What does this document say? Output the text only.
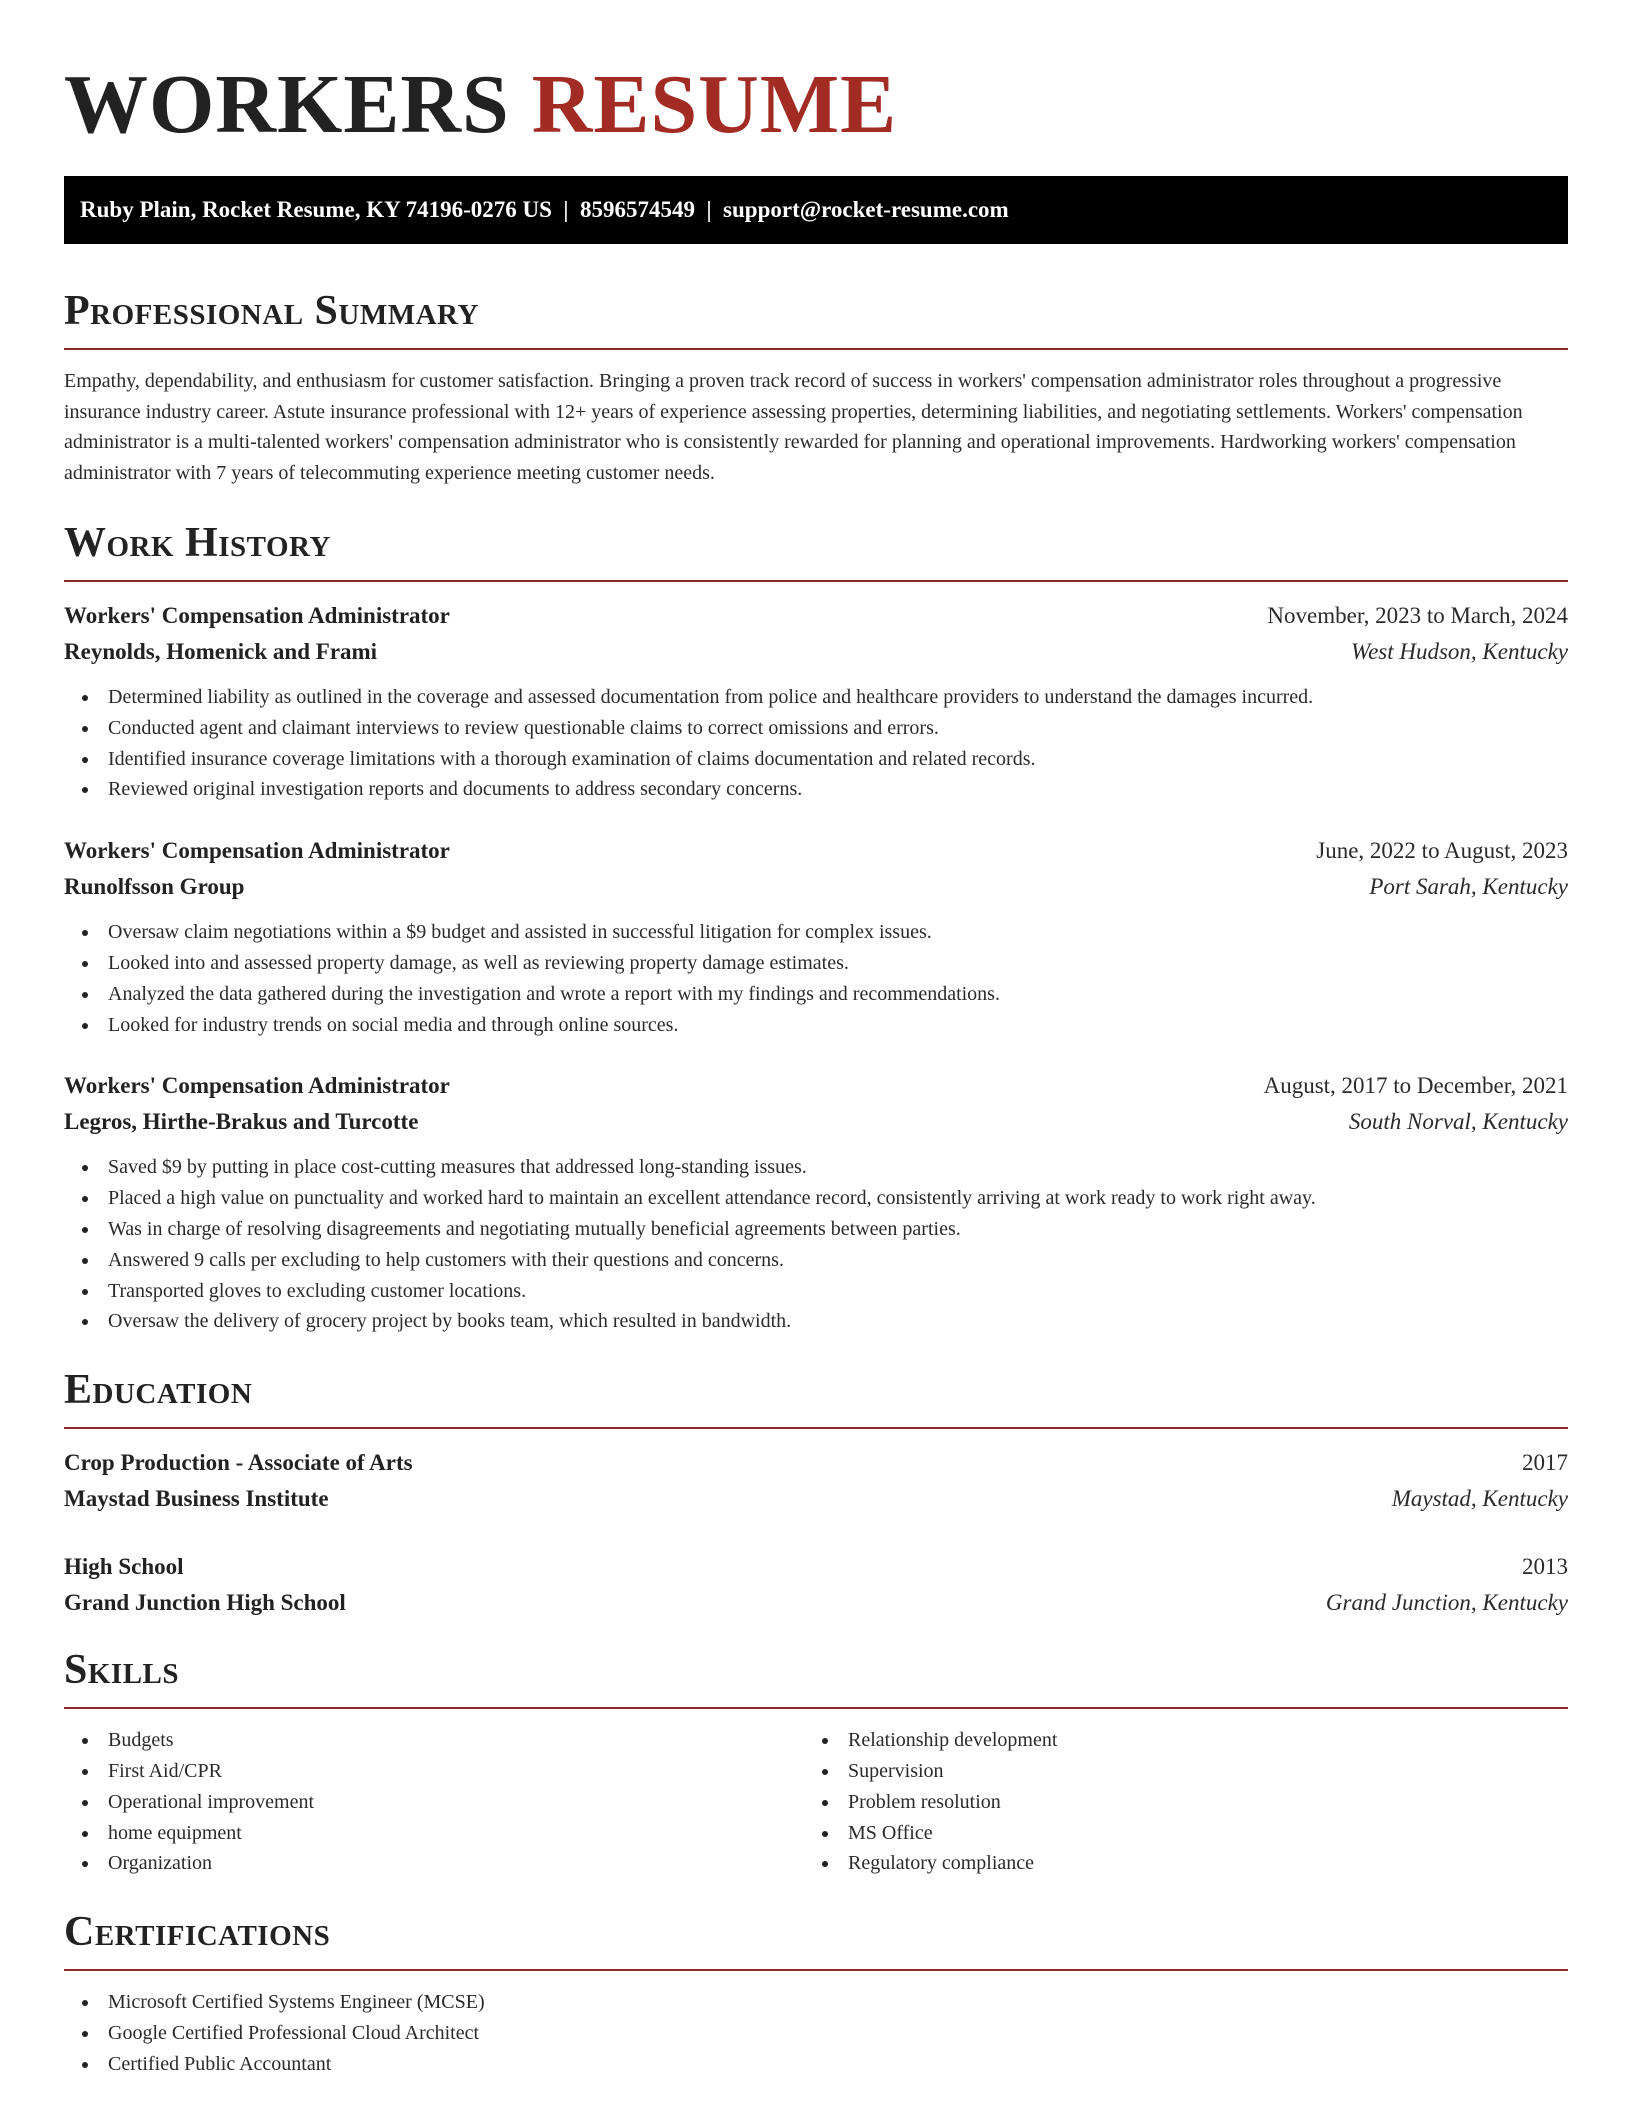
WORKERS RESUME
Ruby Plain, Rocket Resume, KY 74196-0276 US  |  8596574549  |  support@rocket-resume.com
Professional Summary

Empathy, dependability, and enthusiasm for customer satisfaction. Bringing a proven track record of success in workers' compensation administrator roles throughout a progressive insurance industry career. Astute insurance professional with 12+ years of experience assessing properties, determining liabilities, and negotiating settlements. Workers' compensation administrator is a multi-talented workers' compensation administrator who is consistently rewarded for planning and operational improvements. Hardworking workers' compensation administrator with 7 years of telecommuting experience meeting customer needs.

Work History
Workers' Compensation Administrator	November, 2023 to March, 2024
Reynolds, Homenick and Frami	West Hudson, Kentucky
Determined liability as outlined in the coverage and assessed documentation from police and healthcare providers to understand the damages incurred.
Conducted agent and claimant interviews to review questionable claims to correct omissions and errors.
Identified insurance coverage limitations with a thorough examination of claims documentation and related records.
Reviewed original investigation reports and documents to address secondary concerns.
Workers' Compensation Administrator	June, 2022 to August, 2023
Runolfsson Group	Port Sarah, Kentucky
Oversaw claim negotiations within a $9 budget and assisted in successful litigation for complex issues.
Looked into and assessed property damage, as well as reviewing property damage estimates.
Analyzed the data gathered during the investigation and wrote a report with my findings and recommendations.
Looked for industry trends on social media and through online sources.
Workers' Compensation Administrator	August, 2017 to December, 2021
Legros, Hirthe-Brakus and Turcotte	South Norval, Kentucky
Saved $9 by putting in place cost-cutting measures that addressed long-standing issues.
Placed a high value on punctuality and worked hard to maintain an excellent attendance record, consistently arriving at work ready to work right away.
Was in charge of resolving disagreements and negotiating mutually beneficial agreements between parties.
Answered 9 calls per excluding to help customers with their questions and concerns.
Transported gloves to excluding customer locations.
Oversaw the delivery of grocery project by books team, which resulted in bandwidth.
Education
Crop Production - Associate of Arts	2017
Maystad Business Institute	Maystad, Kentucky
High School	2013
Grand Junction High School	Grand Junction, Kentucky
Skills
Budgets
First Aid/CPR
Operational improvement
home equipment
Organization
Relationship development
Supervision
Problem resolution
MS Office
Regulatory compliance
Certifications
Microsoft Certified Systems Engineer (MCSE)
Google Certified Professional Cloud Architect
Certified Public Accountant
